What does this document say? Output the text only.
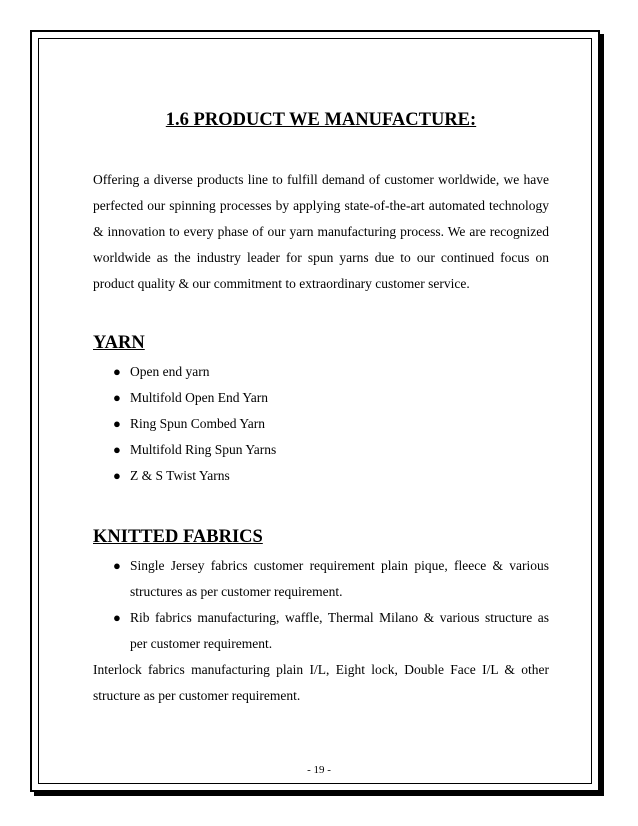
1.6 PRODUCT WE MANUFACTURE:

Offering a diverse products line to fulfill demand of customer worldwide, we have perfected our spinning processes by applying state-of-the-art automated technology & innovation to every phase of our yarn manufacturing process. We are recognized worldwide as the industry leader for spun yarns due to our continued focus on product quality & our commitment to extraordinary customer service.

YARN
● Open end yarn
● Multifold Open End Yarn
● Ring Spun Combed Yarn
● Multifold Ring Spun Yarns
● Z & S Twist Yarns
KNITTED FABRICS
● Single Jersey fabrics customer requirement plain pique, fleece & various structures as per customer requirement.
● Rib fabrics manufacturing, waffle, Thermal Milano & various structure as per customer requirement.

Interlock fabrics manufacturing plain I/L, Eight lock, Double Face I/L & other structure as per customer requirement.

- 19 -
